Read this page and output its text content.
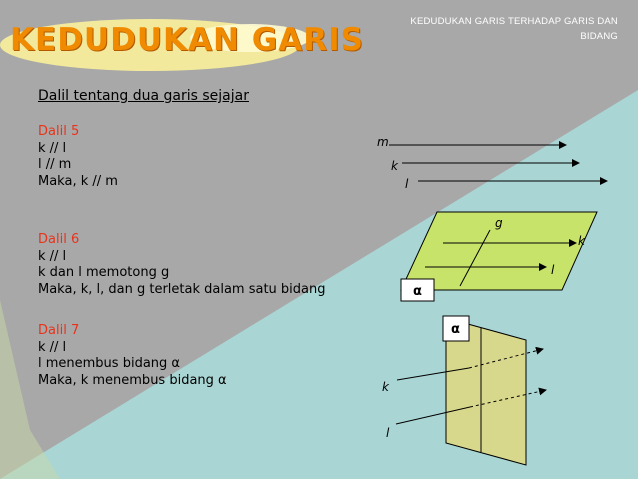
KEDUDUKAN GARIS TERHADAP GARIS DAN
BIDANG
KEDUDUKAN GARIS
Dalil tentang dua garis sejajar
Dalil 5
k // l
l // m
Maka, k // m
Dalil 6
k // l
k dan l memotong g
Maka, k, l, dan g terletak dalam satu bidang
Dalil 7
k // l
l menembus bidang α
Maka, k menembus bidang α
m
k
l
g
k
l
α
k
l
α
